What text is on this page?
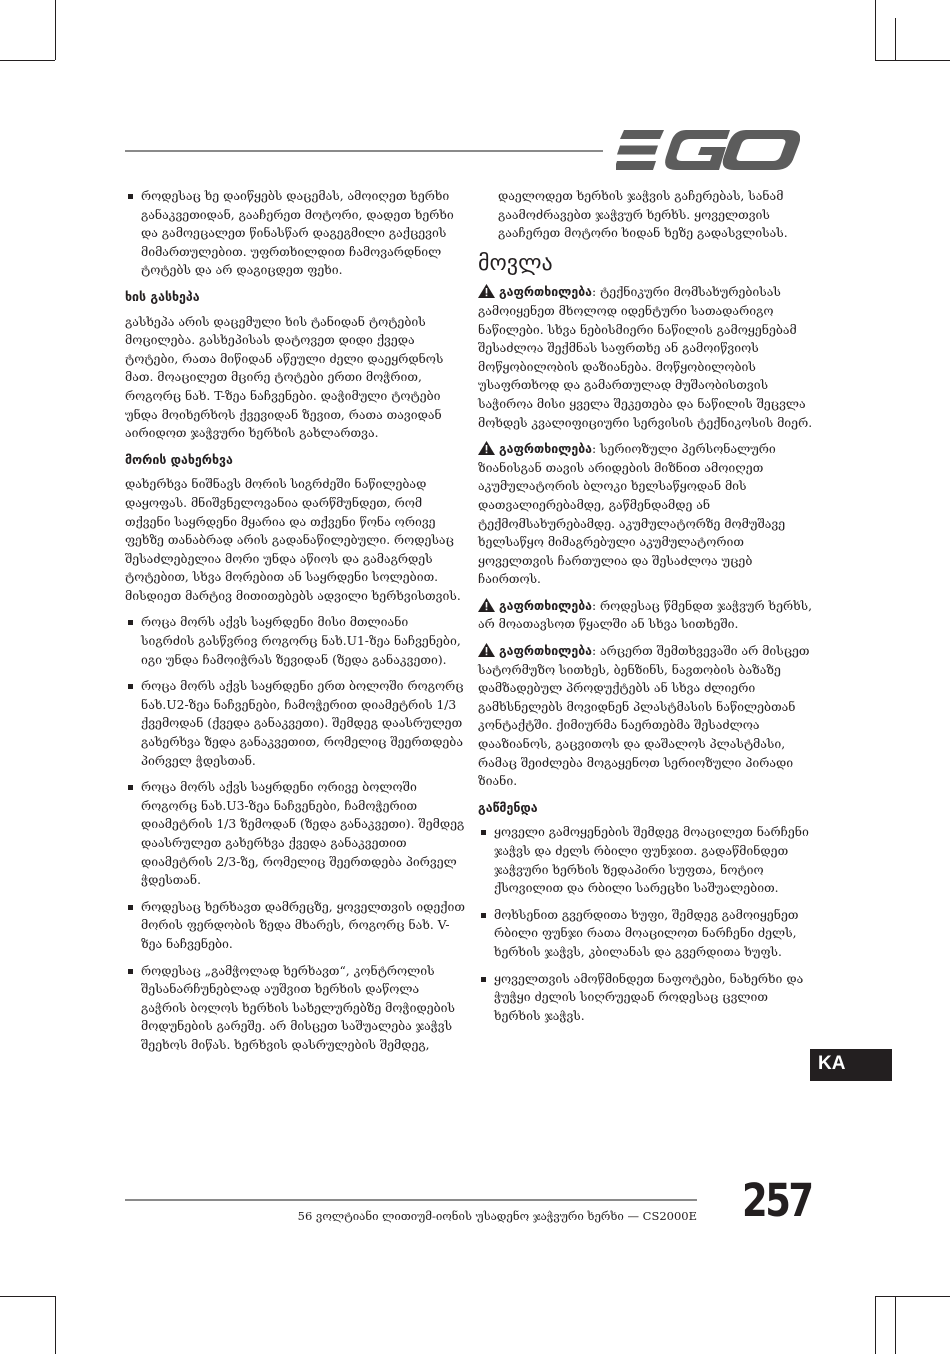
როდესაც ხე დაიწყებს დაცემას, ამოიღეთ ხერხი განაკვეთიდან, გააჩერეთ მოტორი, დადეთ ხერხი და გამოეცალეთ წინასწარ დაგეგმილი გაქცევის მიმართულებით. უფრთხილდით ჩამოვარდნილ ტოტებს და არ დაგიცდეთ ფეხი.
ხის გასხეპა

გასხეპა არის დაცემული ხის ტანიდან ტოტების მოცილება. გასხეპისას დატოვეთ დიდი ქვედა ტოტები, რათა მიწიდან აწეული ძელი დაეყრდნოს მათ. მოაცილეთ მცირე ტოტები ერთი მოჭრით, როგორც ნახ. T-ზეა ნაჩვენები. დაჭიმული ტოტები უნდა მოიხერხოს ქვევიდან ზევით, რათა თავიდან აირიდოთ ჯაჭვური ხერხის გახლართვა.

მორის დახერხვა

დახერხვა ნიშნავს მორის სიგრძეში ნაწილებად დაყოფას. მნიშვნელოვანია დარწმუნდეთ, რომ თქვენი საყრდენი მყარია და თქვენი წონა ორივე ფეხზე თანაბრად არის გადანაწილებული. როდესაც შესაძლებელია მორი უნდა აწიოს და გამაგრდეს ტოტებით, სხვა მორებით ან საყრდენი სოლებით. მისდიეთ მარტივ მითითებებს ადვილი ხერხვისთვის.

როცა მორს აქვს საყრდენი მისი მთლიანი სიგრძის გასწვრივ როგორც ნახ.U1-ზეა ნაჩვენები, იგი უნდა ჩამოიჭრას ზევიდან (ზედა განაკვეთი).
როცა მორს აქვს საყრდენი ერთ ბოლოში როგორც ნახ.U2-ზეა ნაჩვენები, ჩამოჭერით დიამეტრის 1/3 ქვემოდან (ქვედა განაკვეთი). შემდეგ დაასრულეთ გახერხვა ზედა განაკვეთით, რომელიც შეერთდება პირველ ჭდესთან.
როცა მორს აქვს საყრდენი ორივე ბოლოში როგორც ნახ.U3-ზეა ნაჩვენები, ჩამოჭერით დიამეტრის 1/3 ზემოდან (ზედა განაკვეთი). შემდეგ დაასრულეთ გახერხვა ქვედა განაკვეთით დიამეტრის 2/3-ზე, რომელიც შეერთდება პირველ ჭდესთან.
როდესაც ხერხავთ დამრეცზე, ყოველთვის იდექით მორის ფერდობის ზედა მხარეს, როგორც ნახ. V-ზეა ნაჩვენები.
როდესაც „გამჭოლად ხერხავთ“, კონტროლის შესანარჩუნებლად აუშვით ხერხის დაწოლა გაჭრის ბოლოს ხერხის სახელურებზე მოჭიდების მოდუნების გარეშე. არ მისცეთ საშუალება ჯაჭვს შეეხოს მიწას. ხერხვის დასრულების შემდეგ,

დაელოდეთ ხერხის ჯაჭვის გაჩერებას, სანამ გაამოძრავებთ ჯაჭვურ ხერხს. ყოველთვის გააჩერეთ მოტორი ხიდან ხეზე გადასვლისას.

მოვლა

გაფრთხილება: ტექნიკური მომსახურებისას გამოიყენეთ მხოლოდ იდენტური სათადარიგო ნაწილები. სხვა ნებისმიერი ნაწილის გამოყენებამ შესაძლოა შექმნას საფრთხე ან გამოიწვიოს მოწყობილობის დაზიანება. მოწყობილობის უსაფრთხოდ და გამართულად მუშაობისთვის საჭიროა მისი ყველა შეკეთება და ნაწილის შეცვლა მოხდეს კვალიფიციური სერვისის ტექნიკოსის მიერ.

გაფრთხილება: სერიოზული პერსონალური ზიანისგან თავის არიდების მიზნით ამოიღეთ აკუმულატორის ბლოკი ხელსაწყოდან მის დათვალიერებამდე, გაწმენდამდე ან ტექმომსახურებამდე. აკუმულატორზე მომუშავე ხელსაწყო მიმაგრებული აკუმულატორით ყოველთვის ჩართულია და შესაძლოა უცებ ჩაირთოს.

გაფრთხილება: როდესაც წმენდთ ჯაჭვურ ხერხს, არ მოათავსოთ წყალში ან სხვა სითხეში.

გაფრთხილება: არცერთ შემთხვევაში არ მისცეთ სატორმუზო სითხეს, ბენზინს, ნავთობის ბაზაზე დამზადებულ პროდუქტებს ან სხვა ძლიერი გამხსნელებს მოვიდნენ პლასტმასის ნაწილებთან კონტაქტში. ქიმიურმა ნაერთებმა შესაძლოა დააზიანოს, გაცვითოს და დაშალოს პლასტმასი, რამაც შეიძლება მოგაყენოთ სერიოზული პირადი ზიანი.

გაწმენდა
ყოველი გამოყენების შემდეგ მოაცილეთ ნარჩენი ჯაჭვს და ძელს რბილი ფუნჯით. გადაწმინდეთ ჯაჭვური ხერხის ზედაპირი სუფთა, ნოტიო ქსოვილით და რბილი სარეცხი საშუალებით.
მოხსენით გვერდითა ხუფი, შემდეგ გამოიყენეთ რბილი ფუნჯი რათა მოაცილოთ ნარჩენი ძელს, ხერხის ჯაჭვს, კბილანას და გვერდითა ხუფს.
ყოველთვის ამოწმინდეთ ნაფოტები, ნახერხი და ჭუჭყი ძელის სიღრუედან როდესაც ცვლით ხერხის ჯაჭვს.
KA
56 ვოლტიანი ლითიუმ-იონის უსადენო ჯაჭვური ხერხი — CS2000E 257
